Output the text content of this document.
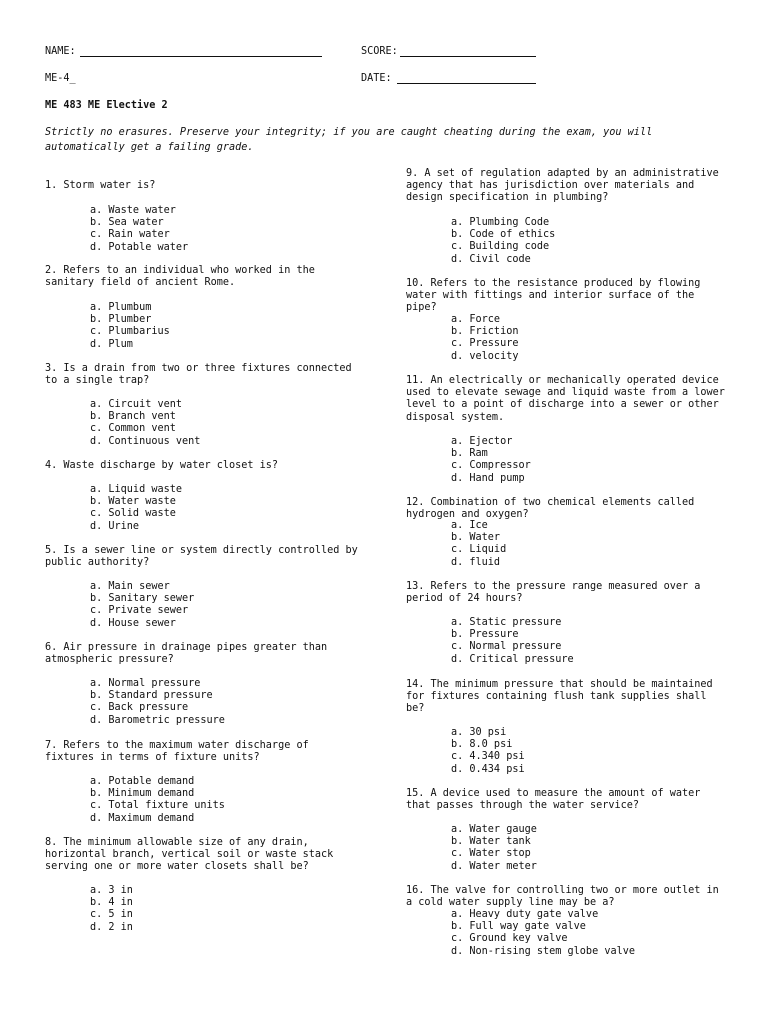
NAME:	SCORE:
ME-4_	DATE:
ME 483 ME Elective 2
Strictly no erasures. Preserve your integrity; if you are caught cheating during the exam, you will automatically get a failing grade.
1. Storm water is?
a. Waste water
b. Sea water
c. Rain water
d. Potable water
2. Refers to an individual who worked in the sanitary field of ancient Rome.
a. Plumbum
b. Plumber
c. Plumbarius
d. Plum
3. Is a drain from two or three fixtures connected to a single trap?
a. Circuit vent
b. Branch vent
c. Common vent
d. Continuous vent
4. Waste discharge by water closet is?
a. Liquid waste
b. Water waste
c. Solid waste
d. Urine
5. Is a sewer line or system directly controlled by public authority?
a. Main sewer
b. Sanitary sewer
c. Private sewer
d. House sewer
6. Air pressure in drainage pipes greater than atmospheric pressure?
a. Normal pressure
b. Standard pressure
c. Back pressure
d. Barometric pressure
7. Refers to the maximum water discharge of fixtures in terms of fixture units?
a. Potable demand
b. Minimum demand
c. Total fixture units
d. Maximum demand
8. The minimum allowable size of any drain, horizontal branch, vertical soil or waste stack serving one or more water closets shall be?
a. 3 in
b. 4 in
c. 5 in
d. 2 in
9. A set of regulation adapted by an administrative agency that has jurisdiction over materials and design specification in plumbing?
a. Plumbing Code
b. Code of ethics
c. Building code
d. Civil code
10. Refers to the resistance produced by flowing water with fittings and interior surface of the pipe?
a. Force
b. Friction
c. Pressure
d. velocity
11. An electrically or mechanically operated device used to elevate sewage and liquid waste from a lower level to a point of discharge into a sewer or other disposal system.
a. Ejector
b. Ram
c. Compressor
d. Hand pump
12. Combination of two chemical elements called hydrogen and oxygen?
a. Ice
b. Water
c. Liquid
d. fluid
13. Refers to the pressure range measured over a period of 24 hours?
a. Static pressure
b. Pressure
c. Normal pressure
d. Critical pressure
14. The minimum pressure that should be maintained for fixtures containing flush tank supplies shall be?
a. 30 psi
b. 8.0 psi
c. 4.340 psi
d. 0.434 psi
15. A device used to measure the amount of water that passes through the water service?
a. Water gauge
b. Water tank
c. Water stop
d. Water meter
16. The valve for controlling two or more outlet in a cold water supply line may be a?
a. Heavy duty gate valve
b. Full way gate valve
c. Ground key valve
d. Non-rising stem globe valve
